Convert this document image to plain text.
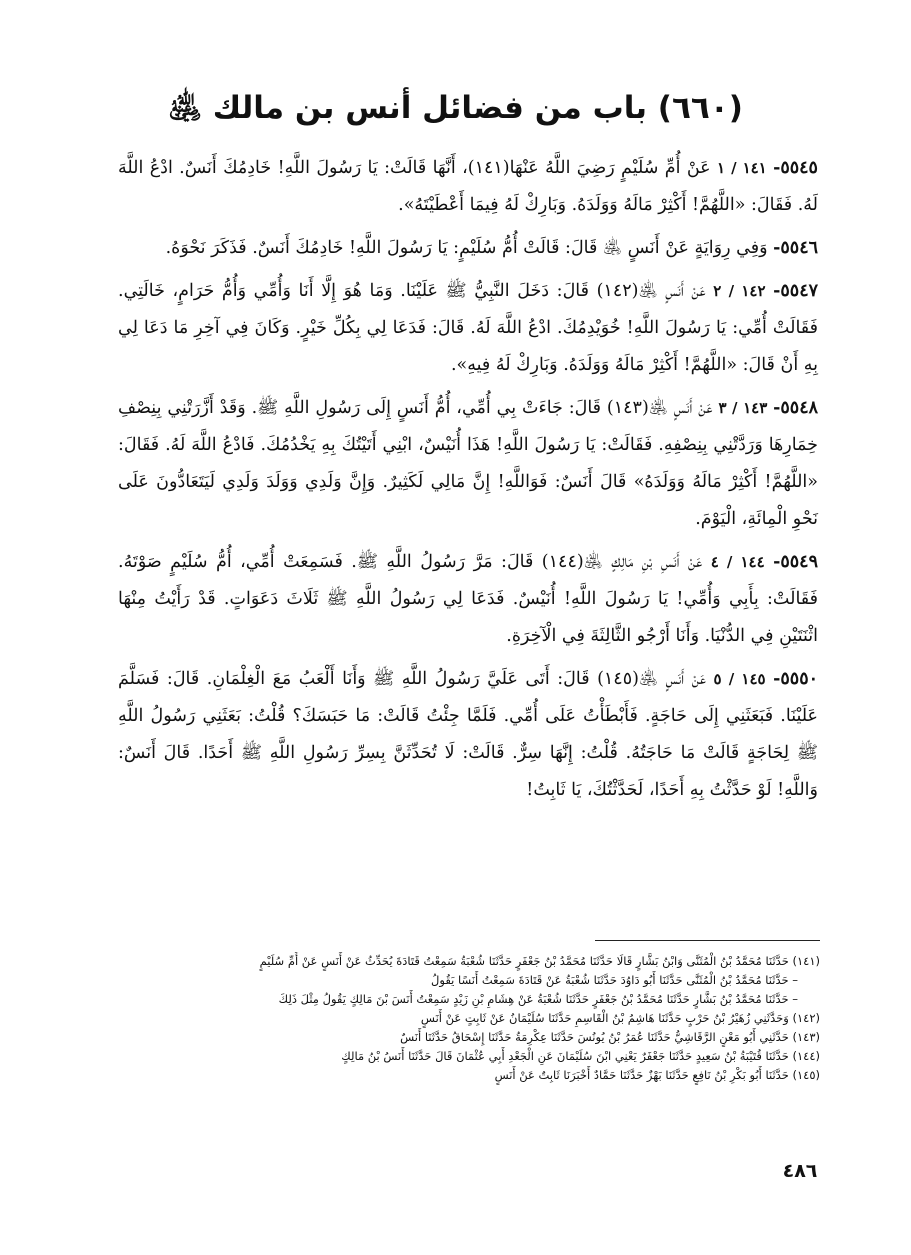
(٦٦٠) باب من فضائل أنس بن مالك ﵁

٥٥٤٥- ١٤١ / ١ عَنْ أُمِّ سُلَيْمٍ رَضِيَ اللَّهُ عَنْهَا(١٤١)، أَنَّهَا قَالَتْ: يَا رَسُولَ اللَّهِ! خَادِمُكَ أَنَسٌ. ادْعُ اللَّهَ لَهُ. فَقَالَ: «اللَّهُمَّ! أَكْثِرْ مَالَهُ وَوَلَدَهُ. وَبَارِكْ لَهُ فِيمَا أَعْطَيْتَهُ».

٥٥٤٦- وَفِي رِوَايَةٍ عَنْ أَنَسٍ ﵁ قَالَ: قَالَتْ أُمُّ سُلَيْمٍ: يَا رَسُولَ اللَّهِ! خَادِمُكَ أَنَسٌ. فَذَكَرَ نَحْوَهُ.

٥٥٤٧- ١٤٢ / ٢ عَنْ أَنَسٍ ﵁(١٤٢) قَالَ: دَخَلَ النَّبِيُّ ﷺ عَلَيْنَا. وَمَا هُوَ إِلَّا أَنَا وَأُمِّي وَأُمُّ حَرَامٍ، خَالَتِي. فَقَالَتْ أُمِّي: يَا رَسُولَ اللَّهِ! خُوَيْدِمُكَ. ادْعُ اللَّهَ لَهُ. قَالَ: فَدَعَا لِي بِكُلِّ خَيْرٍ. وَكَانَ فِي آخِرِ مَا دَعَا لِي بِهِ أَنْ قَالَ: «اللَّهُمَّ! أَكْثِرْ مَالَهُ وَوَلَدَهُ. وَبَارِكْ لَهُ فِيهِ».

٥٥٤٨- ١٤٣ / ٣ عَنْ أَنَسٍ ﵁(١٤٣) قَالَ: جَاءَتْ بِي أُمِّي، أُمُّ أَنَسٍ إِلَى رَسُولِ اللَّهِ ﷺ. وَقَدْ أَزَّرَتْنِي بِنِصْفِ خِمَارِهَا وَرَدَّتْنِي بِنِصْفِهِ. فَقَالَتْ: يَا رَسُولَ اللَّهِ! هَذَا أُنَيْسٌ، ابْنِي أَتَيْتُكَ بِهِ يَخْدُمُكَ. فَادْعُ اللَّهَ لَهُ. فَقَالَ: «اللَّهُمَّ! أَكْثِرْ مَالَهُ وَوَلَدَهُ» قَالَ أَنَسٌ: فَوَاللَّهِ! إِنَّ مَالِي لَكَثِيرٌ. وَإِنَّ وَلَدِي وَوَلَدَ وَلَدِي لَيَتَعَادُّونَ عَلَى نَحْوِ الْمِائَةِ، الْيَوْمَ.

٥٥٤٩- ١٤٤ / ٤ عَنْ أَنَسِ بْنِ مَالِكٍ ﵁(١٤٤) قَالَ: مَرَّ رَسُولُ اللَّهِ ﷺ. فَسَمِعَتْ أُمِّي، أُمُّ سُلَيْمٍ صَوْتَهُ. فَقَالَتْ: بِأَبِي وَأُمِّي! يَا رَسُولَ اللَّهِ! أُنَيْسٌ. فَدَعَا لِي رَسُولُ اللَّهِ ﷺ ثَلَاثَ دَعَوَاتٍ. قَدْ رَأَيْتُ مِنْهَا اثْنَتَيْنِ فِي الدُّنْيَا. وَأَنَا أَرْجُو الثَّالِثَةَ فِي الْآخِرَةِ.

٥٥٥٠- ١٤٥ / ٥ عَنْ أَنَسٍ ﵁(١٤٥) قَالَ: أَتَى عَلَيَّ رَسُولُ اللَّهِ ﷺ وَأَنَا أَلْعَبُ مَعَ الْغِلْمَانِ. قَالَ: فَسَلَّمَ عَلَيْنَا. فَبَعَثَنِي إِلَى حَاجَةٍ. فَأَبْطَأْتُ عَلَى أُمِّي. فَلَمَّا جِئْتُ قَالَتْ: مَا حَبَسَكَ؟ قُلْتُ: بَعَثَنِي رَسُولُ اللَّهِ ﷺ لِحَاجَةٍ قَالَتْ مَا حَاجَتُهُ. قُلْتُ: إِنَّهَا سِرٌّ. قَالَتْ: لَا تُحَدِّثَنَّ بِسِرِّ رَسُولِ اللَّهِ ﷺ أَحَدًا. قَالَ أَنَسٌ: وَاللَّهِ! لَوْ حَدَّثْتُ بِهِ أَحَدًا، لَحَدَّثْتُكَ، يَا ثَابِتُ!

(١٤١) حَدَّثَنَا مُحَمَّدُ بْنُ الْمُثَنَّى وَابْنُ بَشَّارٍ قَالَا حَدَّثَنَا مُحَمَّدُ بْنُ جَعْفَرٍ حَدَّثَنَا شُعْبَةُ سَمِعْتُ قَتَادَةَ يُحَدِّثُ عَنْ أَنَسٍ عَنْ أُمِّ سُلَيْمٍ
– حَدَّثَنَا مُحَمَّدُ بْنُ الْمُثَنَّى حَدَّثَنَا أَبُو دَاوُدَ حَدَّثَنَا شُعْبَةُ عَنْ قَتَادَةَ سَمِعْتُ أَنَسًا يَقُولُ
– حَدَّثَنَا مُحَمَّدُ بْنُ بَشَّارٍ حَدَّثَنَا مُحَمَّدُ بْنُ جَعْفَرٍ حَدَّثَنَا شُعْبَةُ عَنْ هِشَامِ بْنِ زَيْدٍ سَمِعْتُ أَنَسَ بْنَ مَالِكٍ يَقُولُ مِثْلَ ذَلِكَ
(١٤٢) وَحَدَّثَنِي زُهَيْرُ بْنُ حَرْبٍ حَدَّثَنَا هَاشِمُ بْنُ الْقَاسِمِ حَدَّثَنَا سُلَيْمَانُ عَنْ ثَابِتٍ عَنْ أَنَسٍ
(١٤٣) حَدَّثَنِي أَبُو مَعْنٍ الرَّقَاشِيُّ حَدَّثَنَا عُمَرُ بْنُ يُونُسَ حَدَّثَنَا عِكْرِمَةُ حَدَّثَنَا إِسْحَاقُ حَدَّثَنَا أَنَسٌ
(١٤٤) حَدَّثَنَا قُتَيْبَةُ بْنُ سَعِيدٍ حَدَّثَنَا جَعْفَرٌ يَعْنِي ابْنَ سُلَيْمَانَ عَنِ الْجَعْدِ أَبِي عُثْمَانَ قَالَ حَدَّثَنَا أَنَسُ بْنُ مَالِكٍ
(١٤٥) حَدَّثَنَا أَبُو بَكْرِ بْنُ نَافِعٍ حَدَّثَنَا بَهْزٌ حَدَّثَنَا حَمَّادٌ أَخْبَرَنَا ثَابِتٌ عَنْ أَنَسٍ
٤٨٦
